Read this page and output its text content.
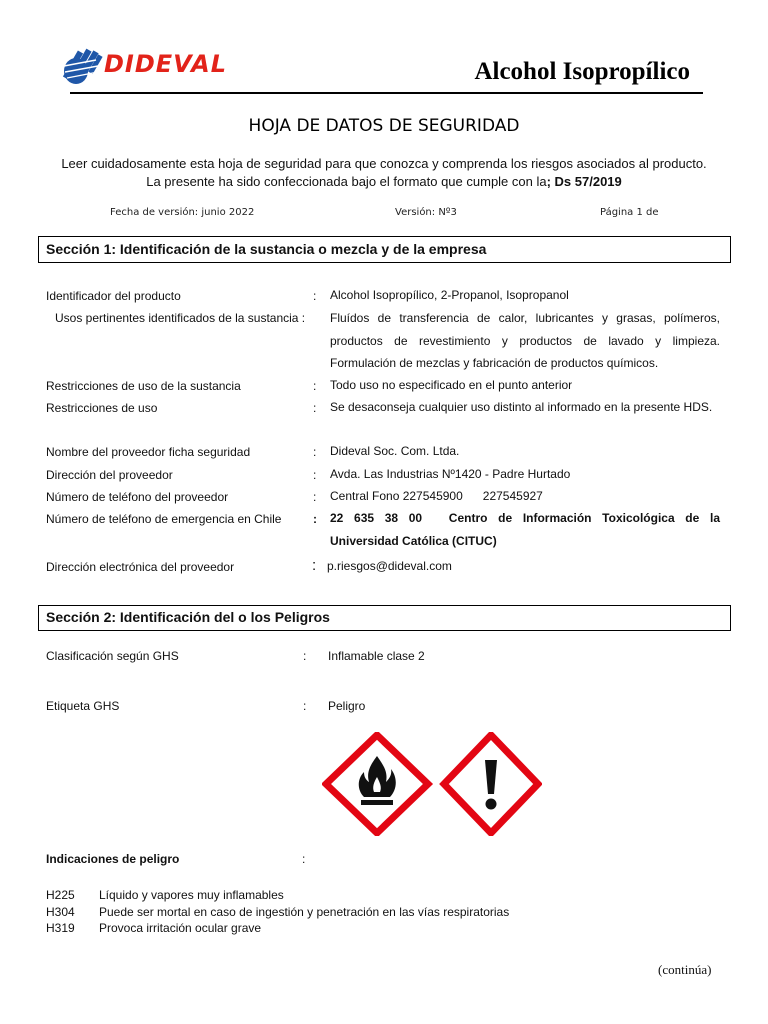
DIDEVAL	Alcohol Isopropílico
HOJA DE DATOS DE SEGURIDAD
Leer cuidadosamente esta hoja de seguridad para que conozca y comprenda los riesgos asociados al producto.
La presente ha sido confeccionada bajo el formato que cumple con la; Ds 57/2019
Fecha de versión: junio 2022	Versión: Nº3	Página 1 de
Sección 1: Identificación de la sustancia o mezcla y de la empresa
Identificador del producto	: Alcohol Isopropílico, 2-Propanol, Isopropanol
Usos pertinentes identificados de la sustancia : Fluídos de transferencia de calor, lubricantes y grasas, polímeros, productos de revestimiento y productos de lavado y limpieza. Formulación de mezclas y fabricación de productos químicos.
Restricciones de uso de la sustancia	: Todo uso no especificado en el punto anterior
Restricciones de uso	: Se desaconseja cualquier uso distinto al informado en la presente HDS.
Nombre del proveedor ficha seguridad	: Dideval Soc. Com. Ltda.
Dirección del proveedor	: Avda. Las Industrias Nº1420 - Padre Hurtado
Número de teléfono del proveedor	: Central Fono 227545900      227545927
Número de teléfono de emergencia en Chile	: 22  635  38  00     Centro  de  Información  Toxicológica  de  la Universidad Católica (CITUC)
Dirección electrónica del proveedor	: p.riesgos@dideval.com
Sección 2: Identificación del o los Peligros
Clasificación según GHS	: Inflamable clase 2
Etiqueta GHS	: Peligro
Indicaciones de peligro	:
H225 Líquido y vapores muy inflamables
H304 Puede ser mortal en caso de ingestión y penetración en las vías respiratorias
H319 Provoca irritación ocular grave
(continúa)
